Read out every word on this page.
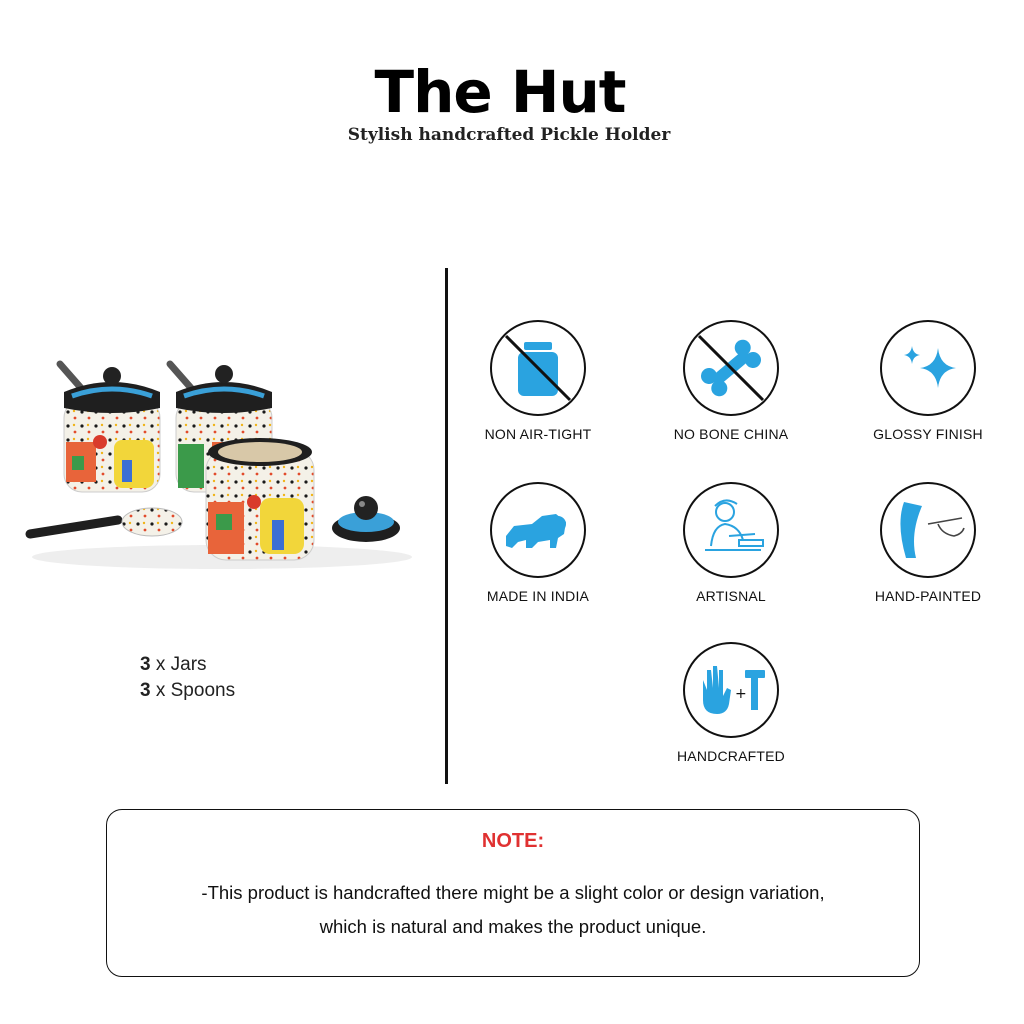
The Hut
Stylish handcrafted Pickle Holder
3 x Jars
3 x Spoons
NON AIR-TIGHT	NO BONE CHINA	GLOSSY FINISH
MADE IN INDIA	ARTISNAL	HAND-PAINTED
+
HANDCRAFTED
NOTE:
-This product is handcrafted there might be a slight color or design variation,
which is natural and makes the product unique.
